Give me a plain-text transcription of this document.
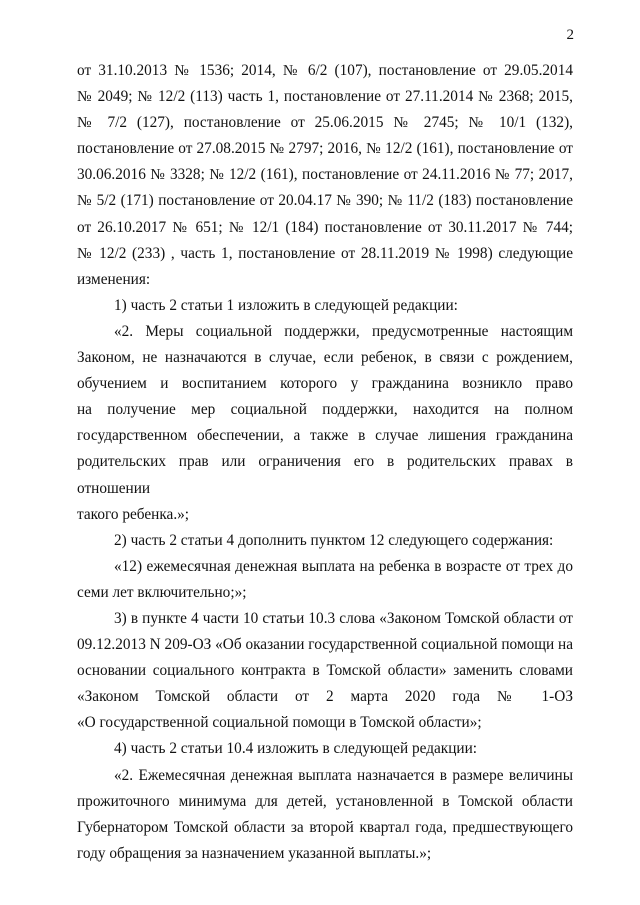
2

от 31.10.2013 № 1536; 2014, № 6/2 (107), постановление от 29.05.2014

№ 2049; № 12/2 (113) часть 1, постановление от 27.11.2014 № 2368; 2015,

№ 7/2 (127), постановление от 25.06.2015 № 2745; № 10/1 (132),

постановление от 27.08.2015 № 2797; 2016, № 12/2 (161), постановление от

30.06.2016 № 3328; № 12/2 (161), постановление от 24.11.2016 № 77; 2017,

№ 5/2 (171) постановление от 20.04.17 № 390; № 11/2 (183) постановление

от 26.10.2017 № 651; № 12/1 (184) постановление от 30.11.2017 № 744;

№ 12/2 (233) , часть 1, постановление от 28.11.2019 № 1998) следующие

изменения:

1) часть 2 статьи 1 изложить в следующей редакции:

«2. Меры социальной поддержки, предусмотренные настоящим

Законом, не назначаются в случае, если ребенок, в связи с рождением,

обучением и воспитанием которого у гражданина возникло право

на получение мер социальной поддержки, находится на полном

государственном обеспечении, а также в случае лишения гражданина

родительских прав или ограничения его в родительских правах в отношении

такого ребенка.»;

2) часть 2 статьи 4 дополнить пунктом 12 следующего содержания:

«12) ежемесячная денежная выплата на ребенка в возрасте от трех до

семи лет включительно;»;

3) в пункте 4 части 10 статьи 10.3 слова «Законом Томской области от

09.12.2013 N 209-ОЗ «Об оказании государственной социальной помощи на

основании социального контракта в Томской области» заменить словами

«Законом Томской области от 2 марта 2020 года № 1-ОЗ

«О государственной социальной помощи в Томской области»;

4) часть 2 статьи 10.4 изложить в следующей редакции:

«2. Ежемесячная денежная выплата назначается в размере величины

прожиточного минимума для детей, установленной в Томской области

Губернатором Томской области за второй квартал года, предшествующего

году обращения за назначением указанной выплаты.»;
